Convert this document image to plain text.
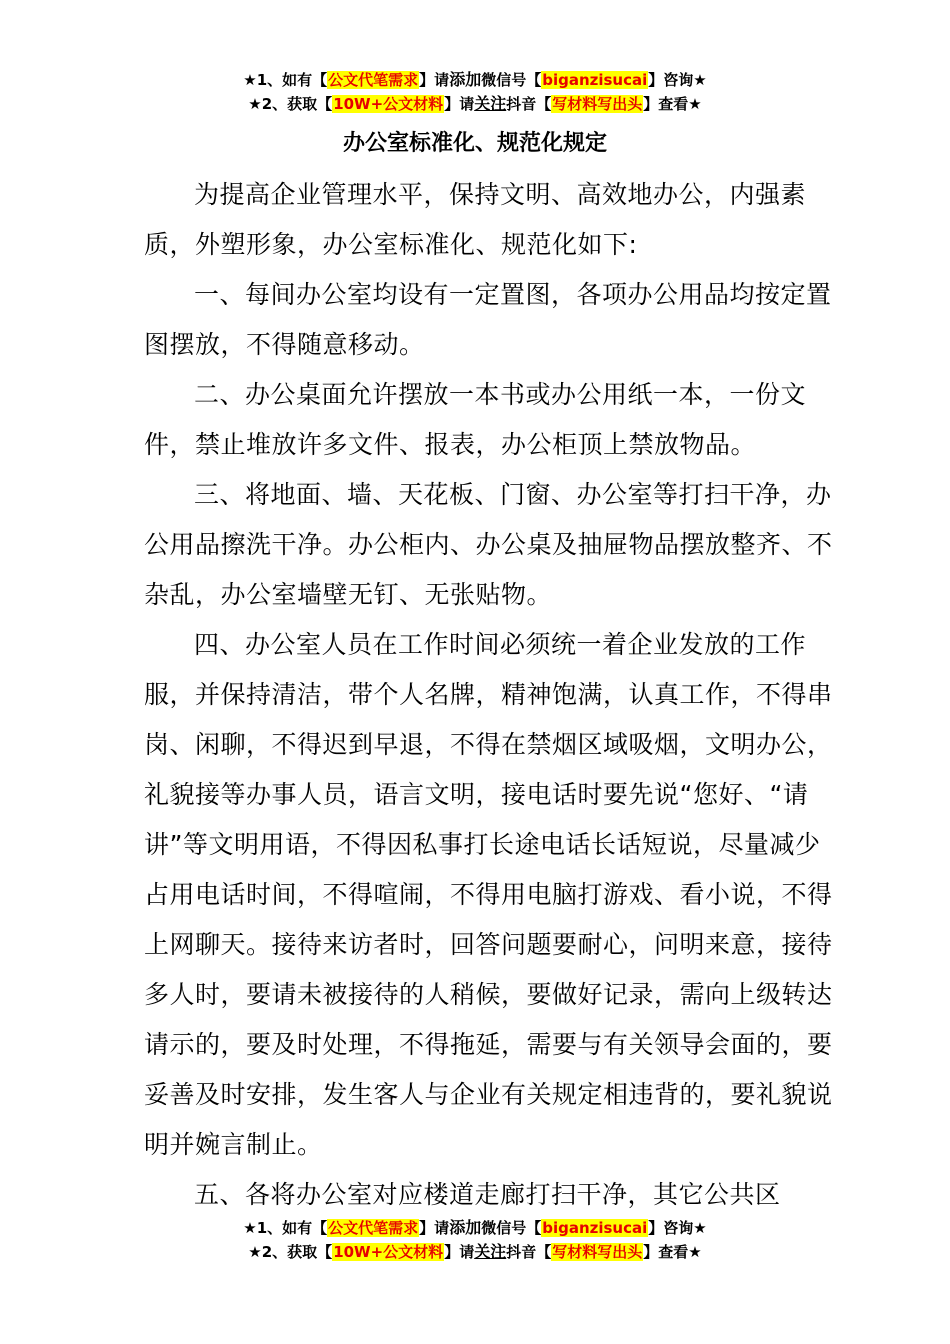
★1、如有【公文代笔需求】请添加微信号【biganzisucai】咨询★
★2、获取【10W+公文材料】请关注抖音【写材料写出头】查看★
办公室标准化、规范化规定

为提高企业管理水平，保持文明、高效地办公，内强素质，外塑形象，办公室标准化、规范化如下:

一、每间办公室均设有一定置图，各项办公用品均按定置图摆放，不得随意移动。

二、办公桌面允许摆放一本书或办公用纸一本，一份文件，禁止堆放许多文件、报表，办公柜顶上禁放物品。

三、将地面、墙、天花板、门窗、办公室等打扫干净，办公用品擦洗干净。办公柜内、办公桌及抽屉物品摆放整齐、不杂乱，办公室墙壁无钉、无张贴物。

四、办公室人员在工作时间必须统一着企业发放的工作服，并保持清洁，带个人名牌，精神饱满，认真工作，不得串岗、闲聊，不得迟到早退，不得在禁烟区域吸烟，文明办公，礼貌接等办事人员，语言文明，接电话时要先说“您好、“请讲”等文明用语，不得因私事打长途电话长话短说，尽量减少占用电话时间，不得喧闹，不得用电脑打游戏、看小说，不得上网聊天。接待来访者时，回答问题要耐心，问明来意，接待多人时，要请未被接待的人稍候，要做好记录，需向上级转达请示的，要及时处理，不得拖延，需要与有关领导会面的，要妥善及时安排，发生客人与企业有关规定相违背的，要礼貌说明并婉言制止。

五、各将办公室对应楼道走廊打扫干净，其它公共区

★1、如有【公文代笔需求】请添加微信号【biganzisucai】咨询★
★2、获取【10W+公文材料】请关注抖音【写材料写出头】查看★
